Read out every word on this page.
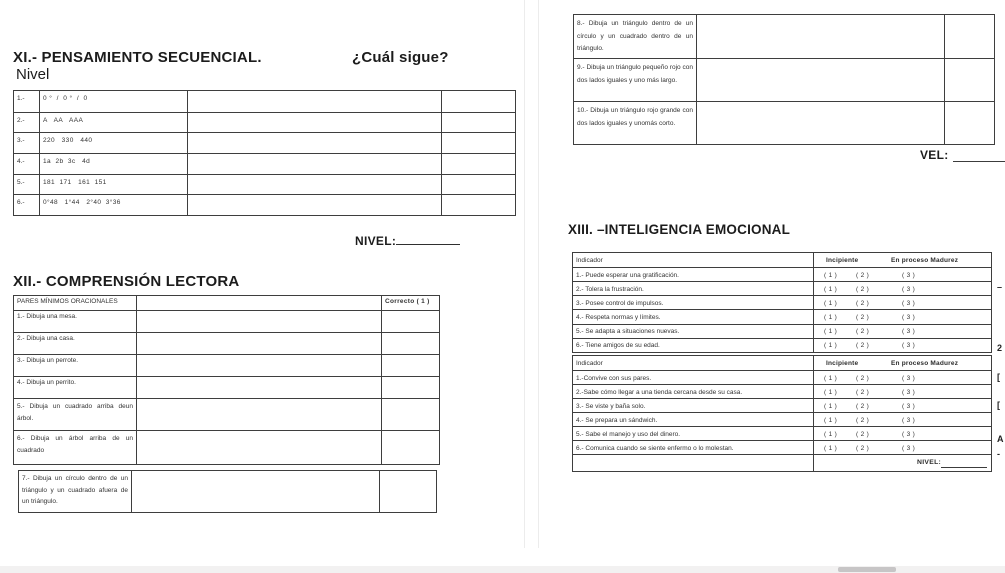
XI.- PENSAMIENTO SECUENCIAL.	¿Cuál sigue?
Nivel
1.-	0 °  /  0 °  /  0
2.-	A   AA   AAA
3.-	220   330   440
4.-	1a  2b  3c   4d
5.-	181  171   161  151
6.-	0°48   1°44   2°40  3°36
NIVEL:
XII.- COMPRENSIÓN LECTORA
PARES MÍNIMOS ORACIONALES	Correcto ( 1 )
1.- Dibuja una mesa.
2.- Dibuja una casa.
3.- Dibuja un perrote.
4.- Dibuja un perrito.
5.- Dibuja un cuadrado arriba deun árbol.
6.- Dibuja un árbol arriba de un cuadrado
7.- Dibuja un círculo dentro de un triángulo y un cuadrado afuera de un triángulo.
8.- Dibuja un triángulo dentro de un círculo y un cuadrado dentro de un triángulo.
9.- Dibuja un triángulo pequeño rojo con dos lados iguales y uno más largo.
10.- Dibuja un triángulo rojo grande con dos lados iguales y unomás corto.
VEL:
XIII. –INTELIGENCIA EMOCIONAL
Indicador	Incipiente	En proceso Madurez
1.- Puede esperar una gratificación.	( 1 )	( 2 )	( 3 )
2.- Tolera la frustración.	( 1 )	( 2 )	( 3 )
3.- Posee control de impulsos.	( 1 )	( 2 )	( 3 )
4.- Respeta normas y límites.	( 1 )	( 2 )	( 3 )
5.- Se adapta a situaciones nuevas.	( 1 )	( 2 )	( 3 )
6.- Tiene amigos de su edad.	( 1 )	( 2 )	( 3 )
Indicador	Incipiente	En proceso Madurez
1.-Convive con sus pares.	( 1 )	( 2 )	( 3 )
2.-Sabe cómo llegar a una tienda cercana desde su casa.	( 1 )	( 2 )	( 3 )
3.- Se viste y baña solo.	( 1 )	( 2 )	( 3 )
4.- Se prepara un sándwich.	( 1 )	( 2 )	( 3 )
5.- Sabe el manejo y uso del dinero.	( 1 )	( 2 )	( 3 )
6.- Comunica cuando se siente enfermo o lo molestan.	( 1 )	( 2 )	( 3 )
NIVEL:
–
2
[
[
A
-
